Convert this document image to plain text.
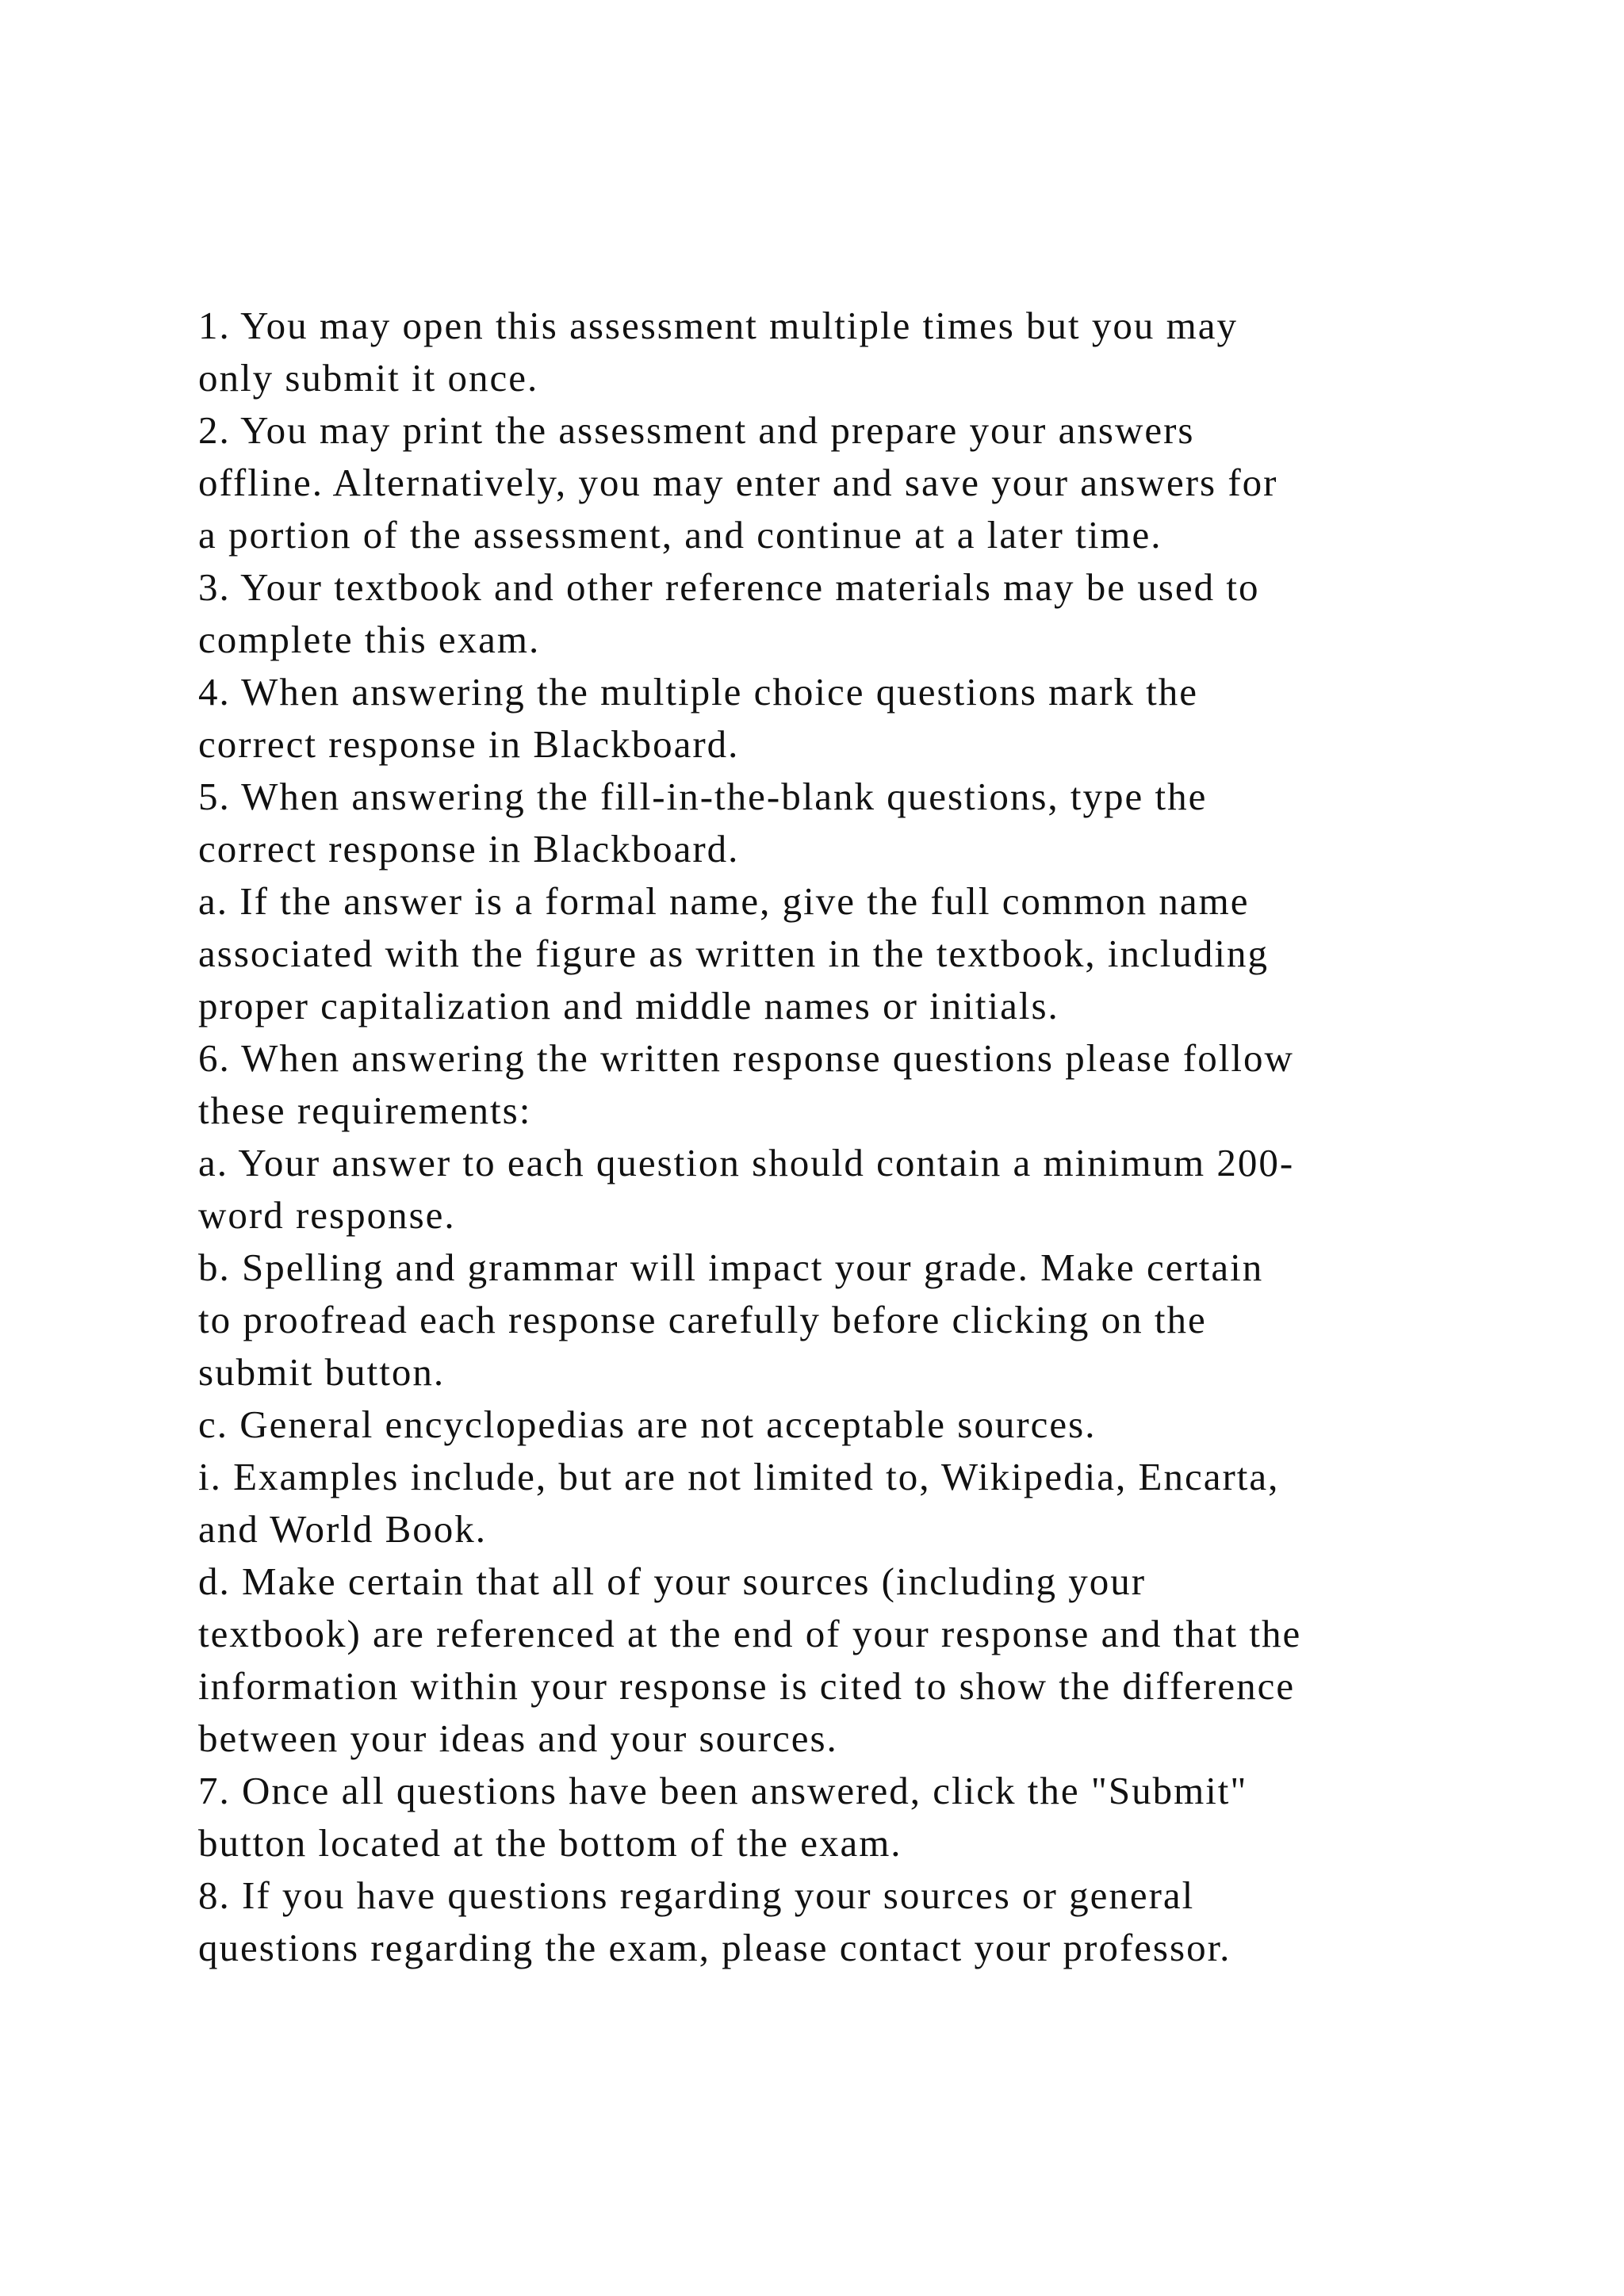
1. You may open this assessment multiple times but you may
only submit it once.
2. You may print the assessment and prepare your answers
offline. Alternatively, you may enter and save your answers for
a portion of the assessment, and continue at a later time.
3. Your textbook and other reference materials may be used to
complete this exam.
4. When answering the multiple choice questions mark the
correct response in Blackboard.
5. When answering the fill-in-the-blank questions, type the
correct response in Blackboard.
a. If the answer is a formal name, give the full common name
associated with the figure as written in the textbook, including
proper capitalization and middle names or initials.
6. When answering the written response questions please follow
these requirements:
a. Your answer to each question should contain a minimum 200-
word response.
b. Spelling and grammar will impact your grade. Make certain
to proofread each response carefully before clicking on the
submit button.
c. General encyclopedias are not acceptable sources.
i. Examples include, but are not limited to, Wikipedia, Encarta,
and World Book.
d. Make certain that all of your sources (including your
textbook) are referenced at the end of your response and that the
information within your response is cited to show the difference
between your ideas and your sources.
7. Once all questions have been answered, click the "Submit"
button located at the bottom of the exam.
8. If you have questions regarding your sources or general
questions regarding the exam, please contact your professor.
